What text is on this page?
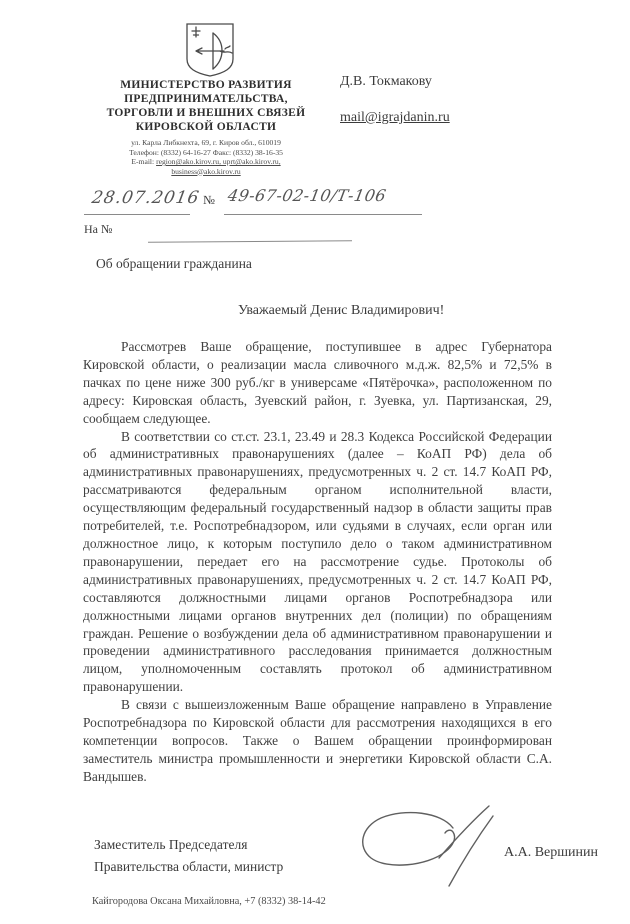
МИНИСТЕРСТВО РАЗВИТИЯ
ПРЕДПРИНИМАТЕЛЬСТВА,
ТОРГОВЛИ И ВНЕШНИХ СВЯЗЕЙ
КИРОВСКОЙ ОБЛАСТИ
ул. Карла Либкнехта, 69, г. Киров обл., 610019
Телефон: (8332) 64-16-27 Факс: (8332) 38-16-35
E-mail: region@ako.kirov.ru, uprt@ako.kirov.ru,
business@ako.kirov.ru
Д.В. Токмакову
mail@igrajdanin.ru
28.07.2016 № 49-67-02-10/Т-106
На №
Об обращении гражданина
Уважаемый Денис Владимирович!

Рассмотрев Ваше обращение, поступившее в адрес Губернатора Кировской области, о реализации масла сливочного м.д.ж. 82,5% и 72,5% в пачках по цене ниже 300 руб./кг в универсаме «Пятёрочка», расположенном по адресу: Кировская область, Зуевский район, г. Зуевка, ул. Партизанская, 29, сообщаем следующее.

В соответствии со ст.ст. 23.1, 23.49 и 28.3 Кодекса Российской Федерации об административных правонарушениях (далее – КоАП РФ) дела об административных правонарушениях, предусмотренных ч. 2 ст. 14.7 КоАП РФ, рассматриваются федеральным органом исполнительной власти, осуществляющим федеральный государственный надзор в области защиты прав потребителей, т.е. Роспотребнадзором, или судьями в случаях, если орган или должностное лицо, к которым поступило дело о таком административном правонарушении, передает его на рассмотрение судье. Протоколы об административных правонарушениях, предусмотренных ч. 2 ст. 14.7 КоАП РФ, составляются должностными лицами органов Роспотребнадзора или должностными лицами органов внутренних дел (полиции) по обращениям граждан. Решение о возбуждении дела об административном правонарушении и проведении административного расследования принимается должностным лицом, уполномоченным составлять протокол об административном правонарушении.

В связи с вышеизложенным Ваше обращение направлено в Управление Роспотребнадзора по Кировской области для рассмотрения находящихся в его компетенции вопросов. Также о Вашем обращении проинформирован заместитель министра промышленности и энергетики Кировской области С.А. Вандышев.

Заместитель Председателя
Правительства области, министр
А.А. Вершинин
Кайгородова Оксана Михайловна, +7 (8332) 38-14-42
